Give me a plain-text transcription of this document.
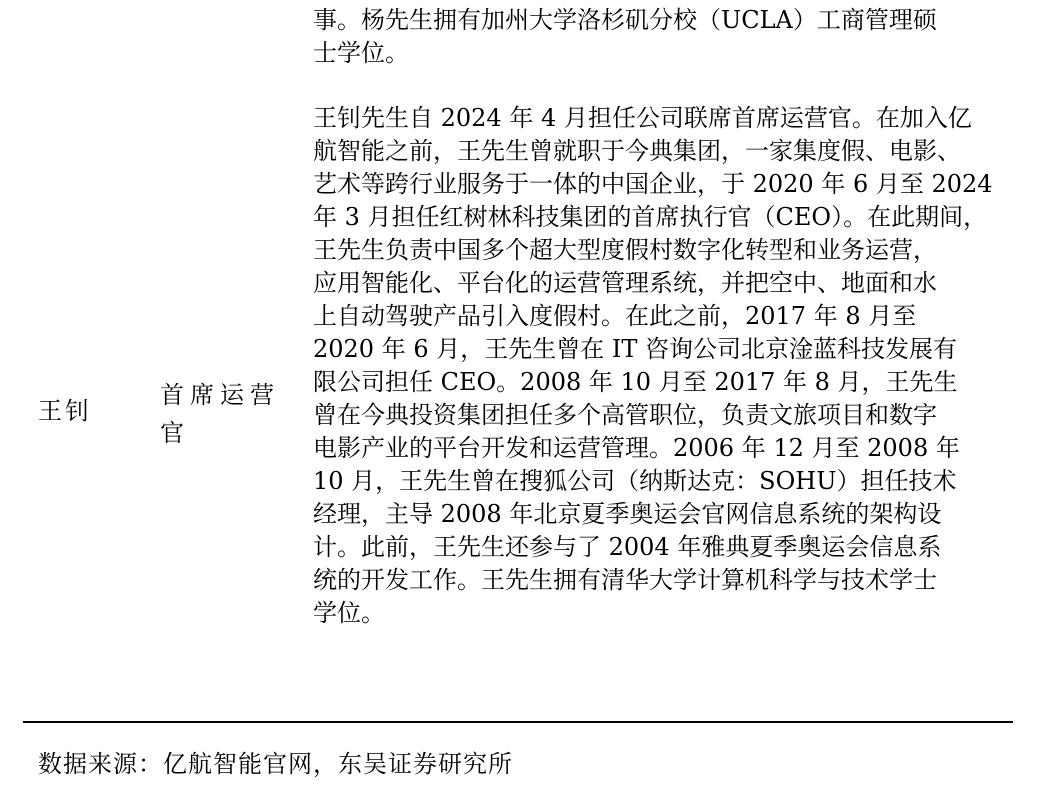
事。杨先生拥有加州大学洛杉矶分校（UCLA）工商管理硕
士学位。
王钊
首席运营
官
王钊先生自 2024 年 4 月担任公司联席首席运营官。在加入亿
航智能之前，王先生曾就职于今典集团，一家集度假、电影、
艺术等跨行业服务于一体的中国企业，于 2020 年 6 月至 2024
年 3 月担任红树林科技集团的首席执行官（CEO）。在此期间，
王先生负责中国多个超大型度假村数字化转型和业务运营，
应用智能化、平台化的运营管理系统，并把空中、地面和水
上自动驾驶产品引入度假村。在此之前，2017 年 8 月至
2020 年 6 月，王先生曾在 IT 咨询公司北京淦蓝科技发展有
限公司担任 CEO。2008 年 10 月至 2017 年 8 月，王先生
曾在今典投资集团担任多个高管职位，负责文旅项目和数字
电影产业的平台开发和运营管理。2006 年 12 月至 2008 年
10 月，王先生曾在搜狐公司（纳斯达克：SOHU）担任技术
经理，主导 2008 年北京夏季奥运会官网信息系统的架构设
计。此前，王先生还参与了 2004 年雅典夏季奥运会信息系
统的开发工作。王先生拥有清华大学计算机科学与技术学士
学位。
数据来源：亿航智能官网，东吴证券研究所
